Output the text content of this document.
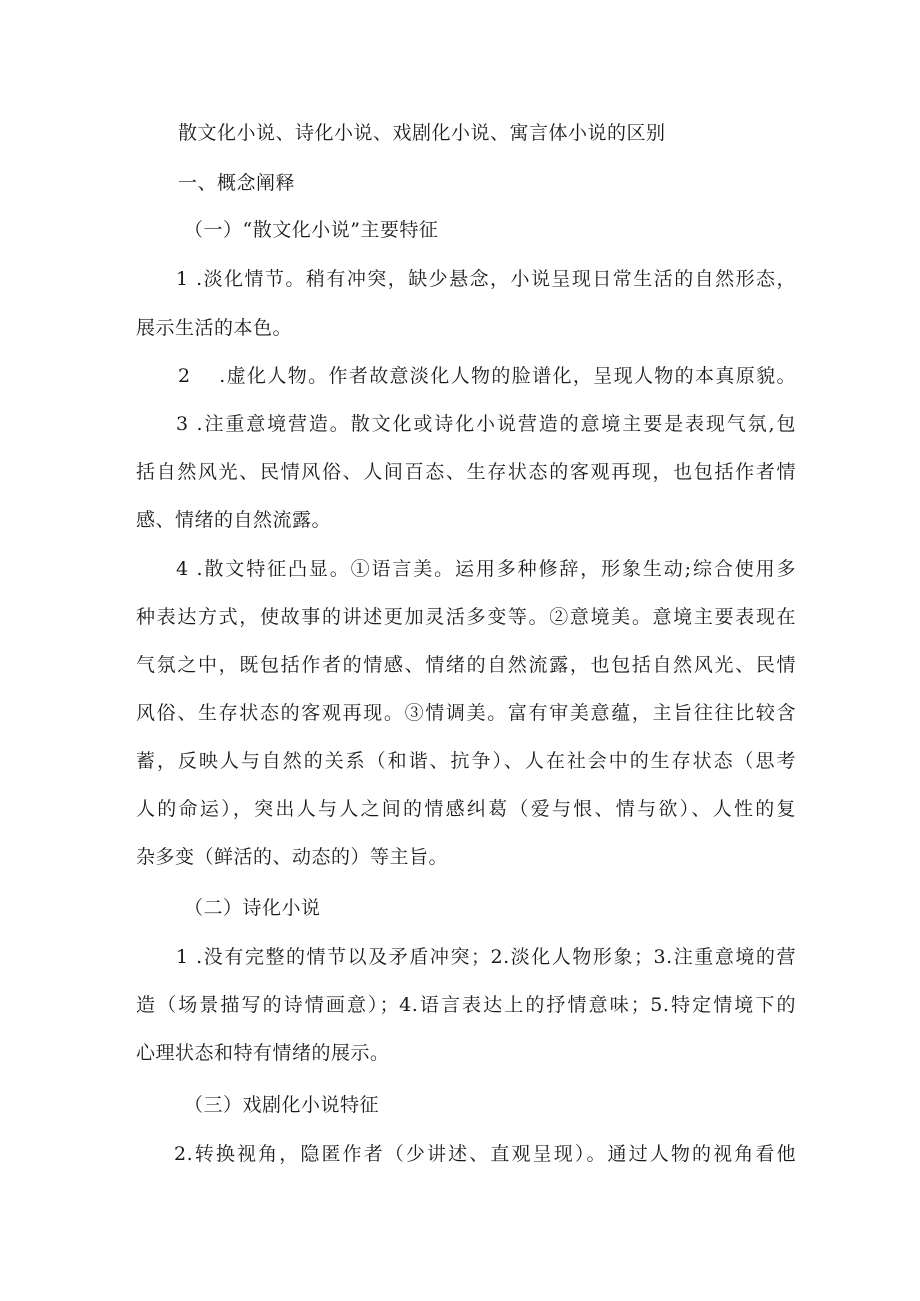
散文化小说、诗化小说、戏剧化小说、寓言体小说的区别
一、概念阐释
（一）“散文化小说”主要特征
1 .淡化情节。稍有冲突，缺少悬念，小说呈现日常生活的自然形态，
展示生活的本色。
2　 .虚化人物。作者故意淡化人物的脸谱化，呈现人物的本真原貌。
3 .注重意境营造。散文化或诗化小说营造的意境主要是表现气氛,包
括自然风光、民情风俗、人间百态、生存状态的客观再现，也包括作者情
感、情绪的自然流露。
4 .散文特征凸显。①语言美。运用多种修辞，形象生动;综合使用多
种表达方式，使故事的讲述更加灵活多变等。②意境美。意境主要表现在
气氛之中，既包括作者的情感、情绪的自然流露，也包括自然风光、民情
风俗、生存状态的客观再现。③情调美。富有审美意蕴，主旨往往比较含
蓄，反映人与自然的关系（和谐、抗争）、人在社会中的生存状态（思考
人的命运），突出人与人之间的情感纠葛（爱与恨、情与欲）、人性的复
杂多变（鲜活的、动态的）等主旨。
（二）诗化小说
1 .没有完整的情节以及矛盾冲突；2.淡化人物形象；3.注重意境的营
造（场景描写的诗情画意）；4.语言表达上的抒情意味；5.特定情境下的
心理状态和特有情绪的展示。
（三）戏剧化小说特征
2.转换视角，隐匿作者（少讲述、直观呈现）。通过人物的视角看他
